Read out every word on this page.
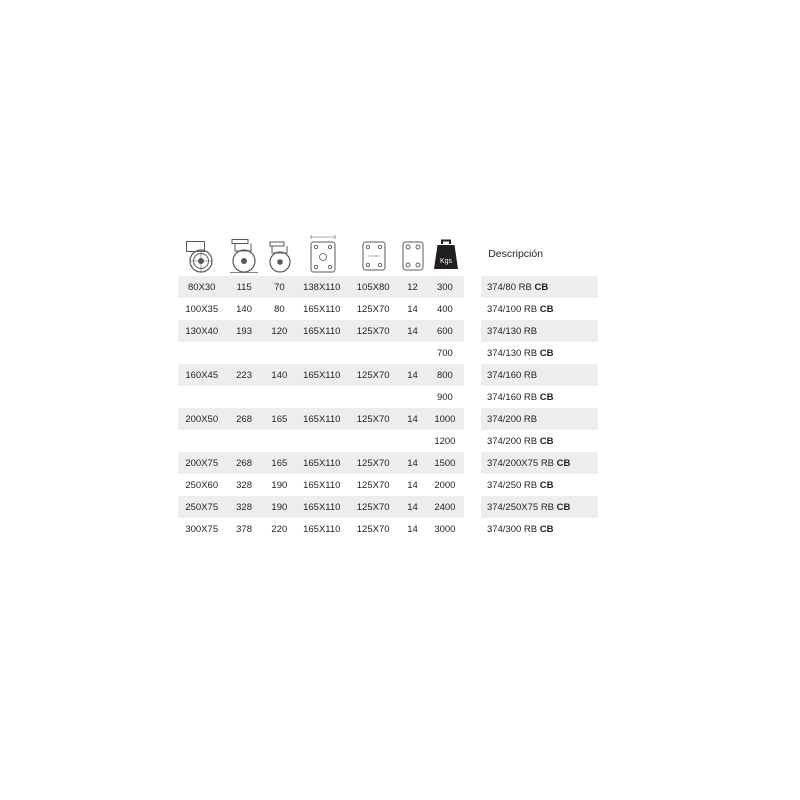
Kgs
		Descripción
80X30	115	70	138X110	105X80	12	300		374/80 RB CB
100X35	140	80	165X110	125X70	14	400		374/100 RB CB
130X40	193	120	165X110	125X70	14	600		374/130 RB
						700		374/130 RB CB
160X45	223	140	165X110	125X70	14	800		374/160 RB
						900		374/160 RB CB
200X50	268	165	165X110	125X70	14	1000		374/200 RB
						1200		374/200 RB CB
200X75	268	165	165X110	125X70	14	1500		374/200X75 RB CB
250X60	328	190	165X110	125X70	14	2000		374/250 RB CB
250X75	328	190	165X110	125X70	14	2400		374/250X75 RB CB
300X75	378	220	165X110	125X70	14	3000		374/300 RB CB
